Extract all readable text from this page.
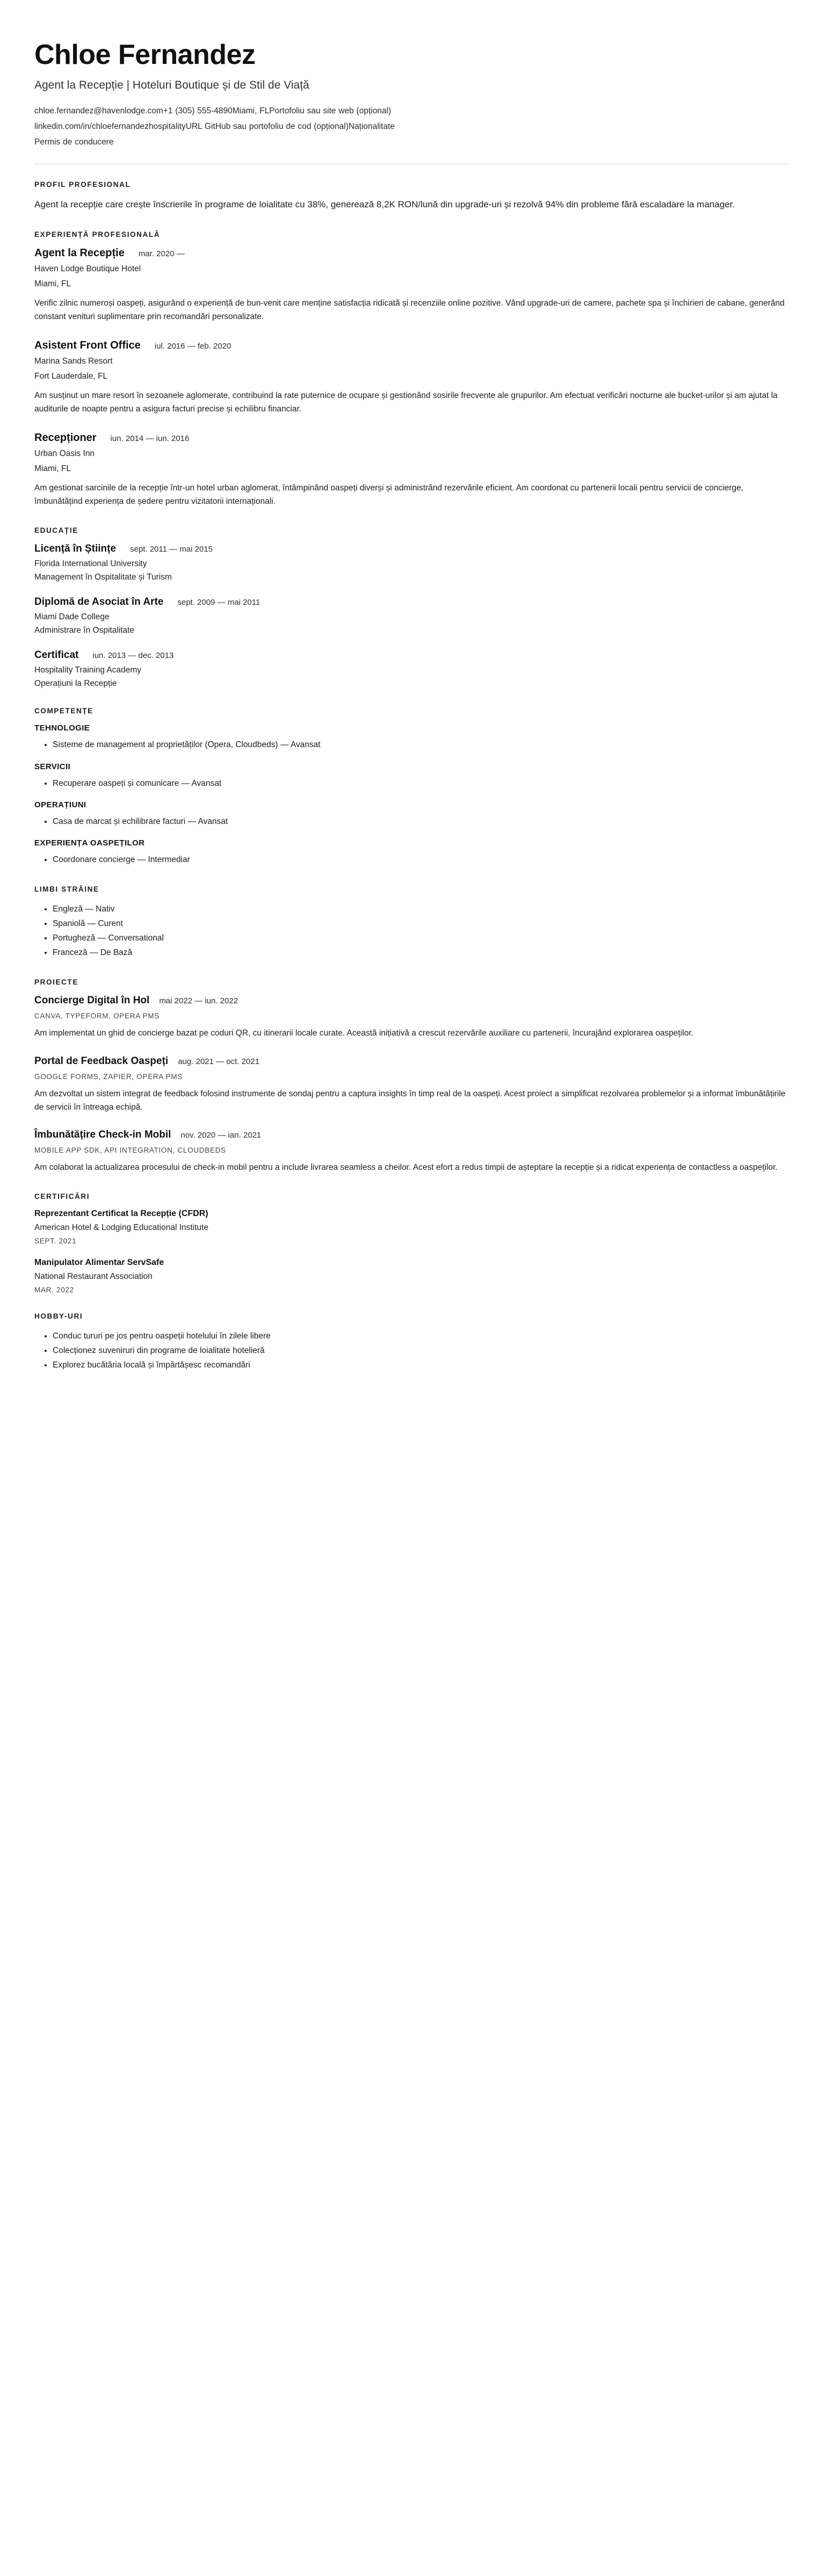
Chloe Fernandez
Agent la Recepție | Hoteluri Boutique și de Stil de Viață
chloe.fernandez@havenlodge.com+1 (305) 555-4890Miami, FLPortofoliu sau site web (opțional)
linkedin.com/in/chloefernandezhospitalityURL GitHub sau portofoliu de cod (opțional)Naționalitate
Permis de conducere
PROFIL PROFESIONAL
Agent la recepție care crește înscrierile în programe de loialitate cu 38%, generează 8,2K RON/lună din upgrade-uri și rezolvă 94% din probleme fără escaladare la manager.
EXPERIENȚĂ PROFESIONALĂ
Agent la Recepție mar. 2020 —
Haven Lodge Boutique Hotel
Miami, FL
Verific zilnic numeroși oaspeți, asigurând o experiență de bun-venit care menține satisfacția ridicată și recenziile online pozitive. Vând upgrade-uri de camere, pachete spa și închirieri de cabane, generând constant venituri suplimentare prin recomandări personalizate.
Asistent Front Office iul. 2016 — feb. 2020
Marina Sands Resort
Fort Lauderdale, FL
Am susținut un mare resort în sezoanele aglomerate, contribuind la rate puternice de ocupare și gestionând sosirile frecvente ale grupurilor. Am efectuat verificări nocturne ale bucket-urilor și am ajutat la auditurile de noapte pentru a asigura facturi precise și echilibru financiar.
Recepționer iun. 2014 — iun. 2016
Urban Oasis Inn
Miami, FL
Am gestionat sarcinile de la recepție într-un hotel urban aglomerat, întâmpinând oaspeți diverși și administrând rezervările eficient. Am coordonat cu partenerii locali pentru servicii de concierge, îmbunătățind experiența de ședere pentru vizitatorii internaționali.
EDUCAȚIE
Licență în Științe sept. 2011 — mai 2015
Florida International University
Management în Ospitalitate și Turism
Diplomă de Asociat în Arte sept. 2009 — mai 2011
Miami Dade College
Administrare în Ospitalitate
Certificat iun. 2013 — dec. 2013
Hospitality Training Academy
Operațiuni la Recepție
COMPETENȚE
TEHNOLOGIE
• Sisteme de management al proprietăților (Opera, Cloudbeds) — Avansat
SERVICII
• Recuperare oaspeți și comunicare — Avansat
OPERAȚIUNI
• Casa de marcat și echilibrare facturi — Avansat
EXPERIENȚA OASPEȚILOR
• Coordonare concierge — Intermediar
LIMBI STRĂINE
• Engleză — Nativ
• Spaniolă — Curent
• Portugheză — Conversational
• Franceză — De Bază
PROIECTE
Concierge Digital în Hol mai 2022 — iun. 2022
CANVA, TYPEFORM, OPERA PMS
Am implementat un ghid de concierge bazat pe coduri QR, cu itinerarii locale curate. Această inițiativă a crescut rezervările auxiliare cu partenerii, încurajând explorarea oaspeților.
Portal de Feedback Oaspeți aug. 2021 — oct. 2021
GOOGLE FORMS, ZAPIER, OPERA PMS
Am dezvoltat un sistem integrat de feedback folosind instrumente de sondaj pentru a captura insights în timp real de la oaspeți. Acest proiect a simplificat rezolvarea problemelor și a informat îmbunătățirile de servicii în întreaga echipă.
Îmbunătățire Check-in Mobil nov. 2020 — ian. 2021
MOBILE APP SDK, API INTEGRATION, CLOUDBEDS
Am colaborat la actualizarea procesului de check-in mobil pentru a include livrarea seamless a cheilor. Acest efort a redus timpii de așteptare la recepție și a ridicat experiența de contactless a oaspeților.
CERTIFICĂRI
Reprezentant Certificat la Recepție (CFDR)
American Hotel & Lodging Educational Institute
SEPT. 2021
Manipulator Alimentar ServSafe
National Restaurant Association
MAR. 2022
HOBBY-URI
• Conduc tururi pe jos pentru oaspeții hotelului în zilele libere
• Colecționez suveniruri din programe de loialitate hotelieră
• Explorez bucătăria locală și împărtășesc recomandări
